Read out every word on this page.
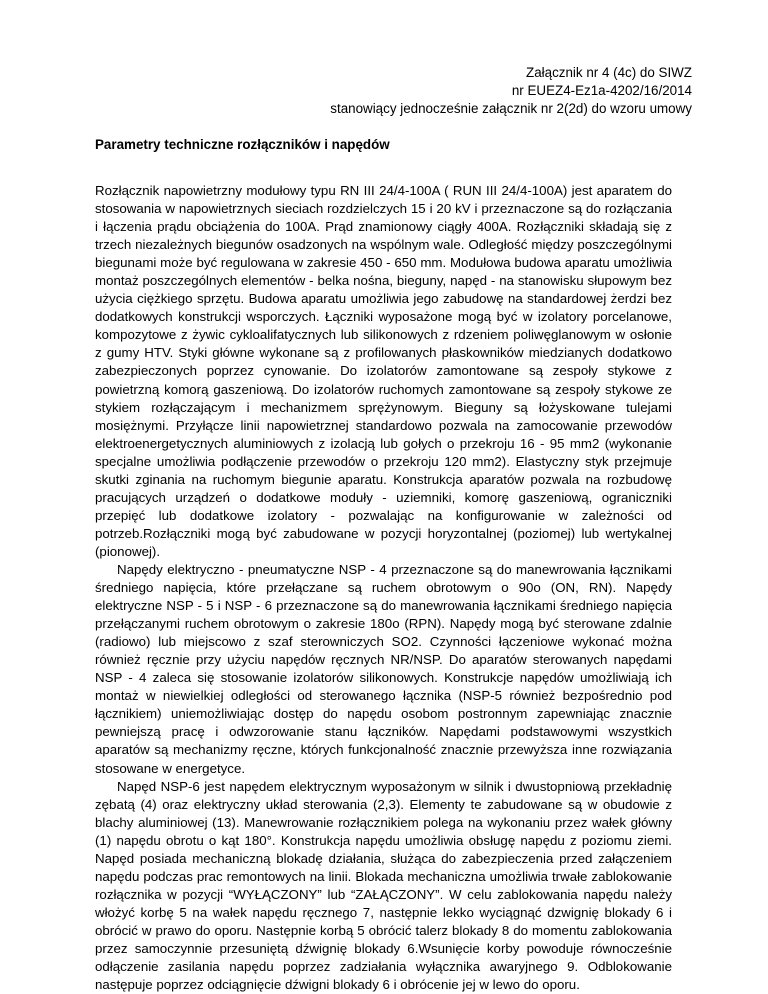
Załącznik nr 4 (4c) do SIWZ
nr EUEZ4-Ez1a-4202/16/2014
stanowiący jednocześnie załącznik nr 2(2d) do wzoru umowy
Parametry techniczne rozłączników i napędów

Rozłącznik napowietrzny modułowy typu RN III 24/4-100A ( RUN III 24/4-100A) jest aparatem do stosowania w napowietrznych sieciach rozdzielczych 15 i 20 kV i przeznaczone są do rozłączania i łączenia prądu obciążenia do 100A. Prąd znamionowy ciągły 400A. Rozłączniki składają się z trzech niezależnych biegunów osadzonych na wspólnym wale. Odległość między poszczególnymi biegunami może być regulowana w zakresie 450 - 650 mm. Modułowa budowa aparatu umożliwia montaż poszczególnych elementów - belka nośna, bieguny, napęd - na stanowisku słupowym bez użycia ciężkiego sprzętu. Budowa aparatu umożliwia jego zabudowę na standardowej żerdzi bez dodatkowych konstrukcji wsporczych. Łączniki wyposażone mogą być w izolatory porcelanowe, kompozytowe z żywic cykloalifatycznych lub silikonowych z rdzeniem poliwęglanowym w osłonie z gumy HTV. Styki główne wykonane są z profilowanych płaskowników miedzianych dodatkowo zabezpieczonych poprzez cynowanie. Do izolatorów zamontowane są zespoły stykowe z powietrzną komorą gaszeniową. Do izolatorów ruchomych zamontowane są zespoły stykowe ze stykiem rozłączającym i mechanizmem sprężynowym. Bieguny są łożyskowane tulejami mosiężnymi. Przyłącze linii napowietrznej standardowo pozwala na zamocowanie przewodów elektroenergetycznych aluminiowych z izolacją lub gołych o przekroju 16 - 95 mm2 (wykonanie specjalne umożliwia podłączenie przewodów o przekroju 120 mm2). Elastyczny styk przejmuje skutki zginania na ruchomym biegunie aparatu. Konstrukcja aparatów pozwala na rozbudowę pracujących urządzeń o dodatkowe moduły - uziemniki, komorę gaszeniową, ograniczniki przepięć lub dodatkowe izolatory - pozwalając na konfigurowanie w zależności od potrzeb.Rozłączniki mogą być zabudowane w pozycji horyzontalnej (poziomej) lub wertykalnej (pionowej).

Napędy elektryczno - pneumatyczne NSP - 4 przeznaczone są do manewrowania łącznikami średniego napięcia, które przełączane są ruchem obrotowym o 90o (ON, RN). Napędy elektryczne NSP - 5 i NSP - 6 przeznaczone są do manewrowania łącznikami średniego napięcia przełączanymi ruchem obrotowym o zakresie 180o (RPN). Napędy mogą być sterowane zdalnie (radiowo) lub miejscowo z szaf sterowniczych SO2. Czynności łączeniowe wykonać można również ręcznie przy użyciu napędów ręcznych NR/NSP. Do aparatów sterowanych napędami NSP - 4 zaleca się stosowanie izolatorów silikonowych. Konstrukcje napędów umożliwiają ich montaż w niewielkiej odległości od sterowanego łącznika (NSP-5 również bezpośrednio pod łącznikiem) uniemożliwiając dostęp do napędu osobom postronnym zapewniając znacznie pewniejszą pracę i odwzorowanie stanu łączników. Napędami podstawowymi wszystkich aparatów są mechanizmy ręczne, których funkcjonalność znacznie przewyższa inne rozwiązania stosowane w energetyce.

Napęd NSP-6 jest napędem elektrycznym wyposażonym w silnik i dwustopniową przekładnię zębatą (4) oraz elektryczny układ sterowania (2,3). Elementy te zabudowane są w obudowie z blachy aluminiowej (13). Manewrowanie rozłącznikiem polega na wykonaniu przez wałek główny (1) napędu obrotu o kąt 180°. Konstrukcja napędu umożliwia obsługę napędu z poziomu ziemi. Napęd posiada mechaniczną blokadę działania, służąca do zabezpieczenia przed załączeniem napędu podczas prac remontowych na linii. Blokada mechaniczna umożliwia trwałe zablokowanie rozłącznika w pozycji “WYŁĄCZONY” lub “ZAŁĄCZONY”. W celu zablokowania napędu należy włożyć korbę 5 na wałek napędu ręcznego 7, następnie lekko wyciągnąć dzwignię blokady 6 i obrócić w prawo do oporu. Następnie korbą 5 obrócić talerz blokady 8 do momentu zablokowania przez samoczynnie przesuniętą dźwignię blokady 6.Wsunięcie korby powoduje równocześnie odłączenie zasilania napędu poprzez zadziałania wyłącznika awaryjnego 9. Odblokowanie następuje poprzez odciągnięcie dźwigni blokady 6 i obrócenie jej w lewo do oporu.
